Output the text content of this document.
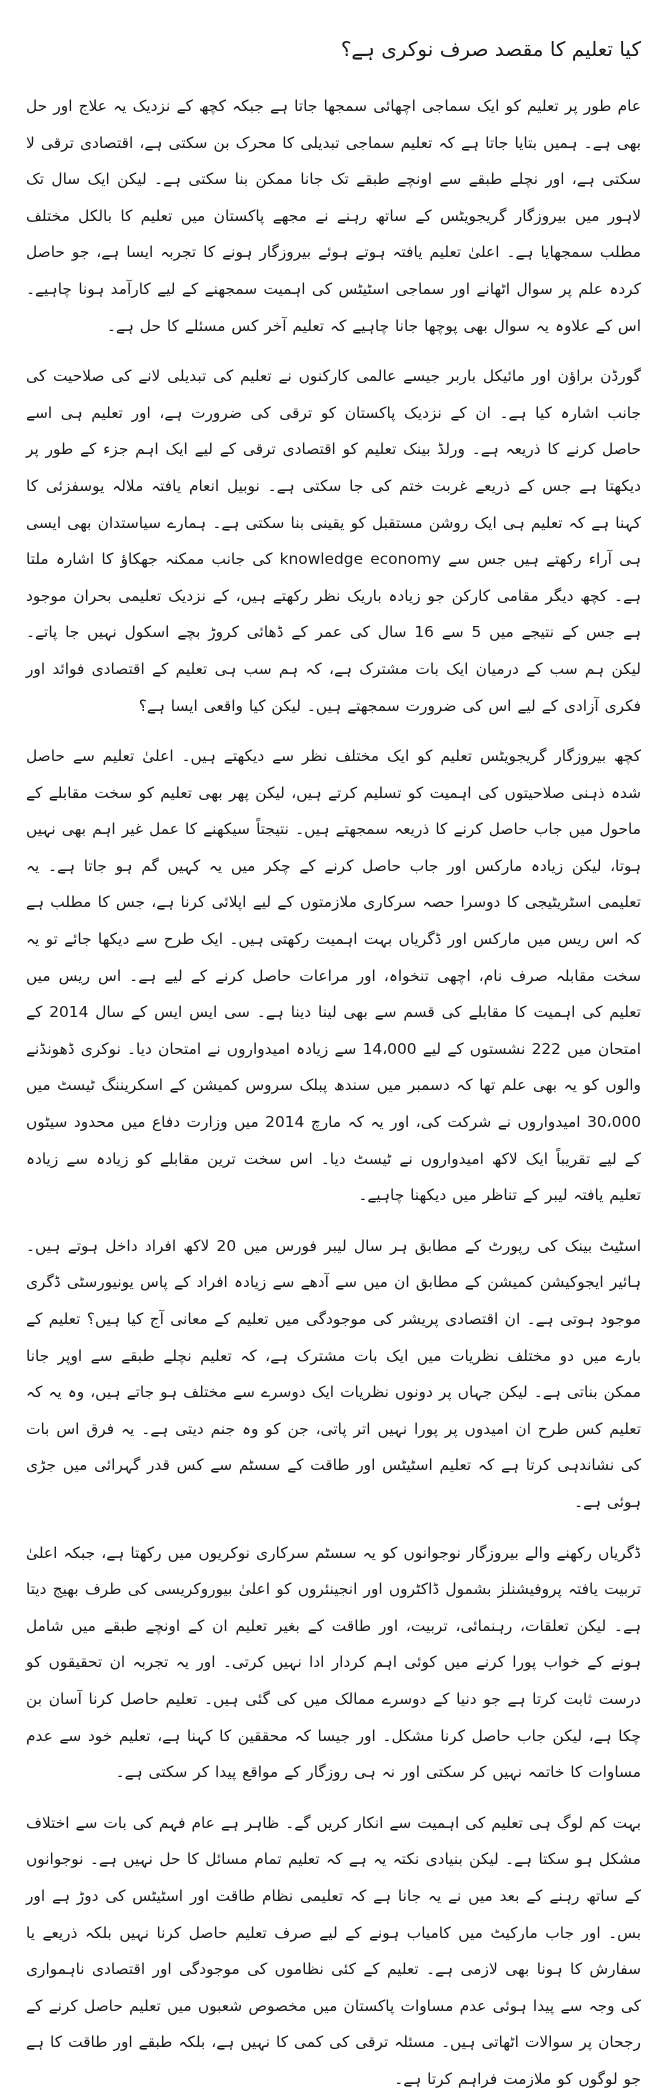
کیا تعلیم کا مقصد صرف نوکری ہے؟

عام طور پر تعلیم کو ایک سماجی اچھائی سمجھا جاتا ہے جبکہ کچھ کے نزدیک یہ علاج اور حل بھی ہے۔ ہمیں بتایا جاتا ہے کہ تعلیم سماجی تبدیلی کا محرک بن سکتی ہے، اقتصادی ترقی لا سکتی ہے، اور نچلے طبقے سے اونچے طبقے تک جانا ممکن بنا سکتی ہے۔ لیکن ایک سال تک لاہور میں بیروزگار گریجویٹس کے ساتھ رہنے نے مجھے پاکستان میں تعلیم کا بالکل مختلف مطلب سمجھایا ہے۔ اعلیٰ تعلیم یافتہ ہوتے ہوئے بیروزگار ہونے کا تجربہ ایسا ہے، جو حاصل کردہ علم پر سوال اٹھانے اور سماجی اسٹیٹس کی اہمیت سمجھنے کے لیے کارآمد ہونا چاہیے۔ اس کے علاوہ یہ سوال بھی پوچھا جانا چاہیے کہ تعلیم آخر کس مسئلے کا حل ہے۔

گورڈن براؤن اور مائیکل باربر جیسے عالمی کارکنوں نے تعلیم کی تبدیلی لانے کی صلاحیت کی جانب اشارہ کیا ہے۔ ان کے نزدیک پاکستان کو ترقی کی ضرورت ہے، اور تعلیم ہی اسے حاصل کرنے کا ذریعہ ہے۔ ورلڈ بینک تعلیم کو اقتصادی ترقی کے لیے ایک اہم جزء کے طور پر دیکھتا ہے جس کے ذریعے غربت ختم کی جا سکتی ہے۔ نوبیل انعام یافتہ ملالہ یوسفزئی کا کہنا ہے کہ تعلیم ہی ایک روشن مستقبل کو یقینی بنا سکتی ہے۔ ہمارے سیاستدان بھی ایسی ہی آراء رکھتے ہیں جس سے knowledge economy کی جانب ممکنہ جھکاؤ کا اشارہ ملتا ہے۔ کچھ دیگر مقامی کارکن جو زیادہ باریک نظر رکھتے ہیں، کے نزدیک تعلیمی بحران موجود ہے جس کے نتیجے میں 5 سے 16 سال کی عمر کے ڈھائی کروڑ بچے اسکول نہیں جا پاتے۔ لیکن ہم سب کے درمیان ایک بات مشترک ہے، کہ ہم سب ہی تعلیم کے اقتصادی فوائد اور فکری آزادی کے لیے اس کی ضرورت سمجھتے ہیں۔ لیکن کیا واقعی ایسا ہے؟

کچھ بیروزگار گریجویٹس تعلیم کو ایک مختلف نظر سے دیکھتے ہیں۔ اعلیٰ تعلیم سے حاصل شدہ ذہنی صلاحیتوں کی اہمیت کو تسلیم کرتے ہیں، لیکن پھر بھی تعلیم کو سخت مقابلے کے ماحول میں جاب حاصل کرنے کا ذریعہ سمجھتے ہیں۔ نتیجتاً سیکھنے کا عمل غیر اہم بھی نہیں ہوتا، لیکن زیادہ مارکس اور جاب حاصل کرنے کے چکر میں یہ کہیں گم ہو جاتا ہے۔ یہ تعلیمی اسٹریٹیجی کا دوسرا حصہ سرکاری ملازمتوں کے لیے اپلائی کرنا ہے، جس کا مطلب ہے کہ اس ریس میں مارکس اور ڈگریاں بہت اہمیت رکھتی ہیں۔ ایک طرح سے دیکھا جائے تو یہ سخت مقابلہ صرف نام، اچھی تنخواہ، اور مراعات حاصل کرنے کے لیے ہے۔ اس ریس میں تعلیم کی اہمیت کا مقابلے کی قسم سے بھی لینا دینا ہے۔ سی ایس ایس کے سال 2014 کے امتحان میں 222 نشستوں کے لیے 14،000 سے زیادہ امیدواروں نے امتحان دیا۔ نوکری ڈھونڈنے والوں کو یہ بھی علم تھا کہ دسمبر میں سندھ پبلک سروس کمیشن کے اسکریننگ ٹیسٹ میں 30،000 امیدواروں نے شرکت کی، اور یہ کہ مارچ 2014 میں وزارت دفاع میں محدود سیٹوں کے لیے تقریباً ایک لاکھ امیدواروں نے ٹیسٹ دیا۔ اس سخت ترین مقابلے کو زیادہ سے زیادہ تعلیم یافتہ لیبر کے تناظر میں دیکھنا چاہیے۔

اسٹیٹ بینک کی رپورٹ کے مطابق ہر سال لیبر فورس میں 20 لاکھ افراد داخل ہوتے ہیں۔ ہائیر ایجوکیشن کمیشن کے مطابق ان میں سے آدھے سے زیادہ افراد کے پاس یونیورسٹی ڈگری موجود ہوتی ہے۔ ان اقتصادی پریشر کی موجودگی میں تعلیم کے معانی آج کیا ہیں؟ تعلیم کے بارے میں دو مختلف نظریات میں ایک بات مشترک ہے، کہ تعلیم نچلے طبقے سے اوپر جانا ممکن بناتی ہے۔ لیکن جہاں پر دونوں نظریات ایک دوسرے سے مختلف ہو جاتے ہیں، وہ یہ کہ تعلیم کس طرح ان امیدوں پر پورا نہیں اتر پاتی، جن کو وہ جنم دیتی ہے۔ یہ فرق اس بات کی نشاندہی کرتا ہے کہ تعلیم اسٹیٹس اور طاقت کے سسٹم سے کس قدر گہرائی میں جڑی ہوئی ہے۔

ڈگریاں رکھنے والے بیروزگار نوجوانوں کو یہ سسٹم سرکاری نوکریوں میں رکھتا ہے، جبکہ اعلیٰ تربیت یافتہ پروفیشنلز بشمول ڈاکٹروں اور انجینئروں کو اعلیٰ بیوروکریسی کی طرف بھیج دیتا ہے۔ لیکن تعلقات، رہنمائی، تربیت، اور طاقت کے بغیر تعلیم ان کے اونچے طبقے میں شامل ہونے کے خواب پورا کرنے میں کوئی اہم کردار ادا نہیں کرتی۔ اور یہ تجربہ ان تحقیقوں کو درست ثابت کرتا ہے جو دنیا کے دوسرے ممالک میں کی گئی ہیں۔ تعلیم حاصل کرنا آسان بن چکا ہے، لیکن جاب حاصل کرنا مشکل۔ اور جیسا کہ محققین کا کہنا ہے، تعلیم خود سے عدم مساوات کا خاتمہ نہیں کر سکتی اور نہ ہی روزگار کے مواقع پیدا کر سکتی ہے۔

بہت کم لوگ ہی تعلیم کی اہمیت سے انکار کریں گے۔ ظاہر ہے عام فہم کی بات سے اختلاف مشکل ہو سکتا ہے۔ لیکن بنیادی نکتہ یہ ہے کہ تعلیم تمام مسائل کا حل نہیں ہے۔ نوجوانوں کے ساتھ رہنے کے بعد میں نے یہ جانا ہے کہ تعلیمی نظام طاقت اور اسٹیٹس کی دوڑ ہے اور بس۔ اور جاب مارکیٹ میں کامیاب ہونے کے لیے صرف تعلیم حاصل کرنا نہیں بلکہ ذریعے یا سفارش کا ہونا بھی لازمی ہے۔ تعلیم کے کئی نظاموں کی موجودگی اور اقتصادی ناہمواری کی وجہ سے پیدا ہوئی عدم مساوات پاکستان میں مخصوص شعبوں میں تعلیم حاصل کرنے کے رجحان پر سوالات اٹھاتی ہیں۔ مسئلہ ترقی کی کمی کا نہیں ہے، بلکہ طبقے اور طاقت کا ہے جو لوگوں کو ملازمت فراہم کرتا ہے۔
